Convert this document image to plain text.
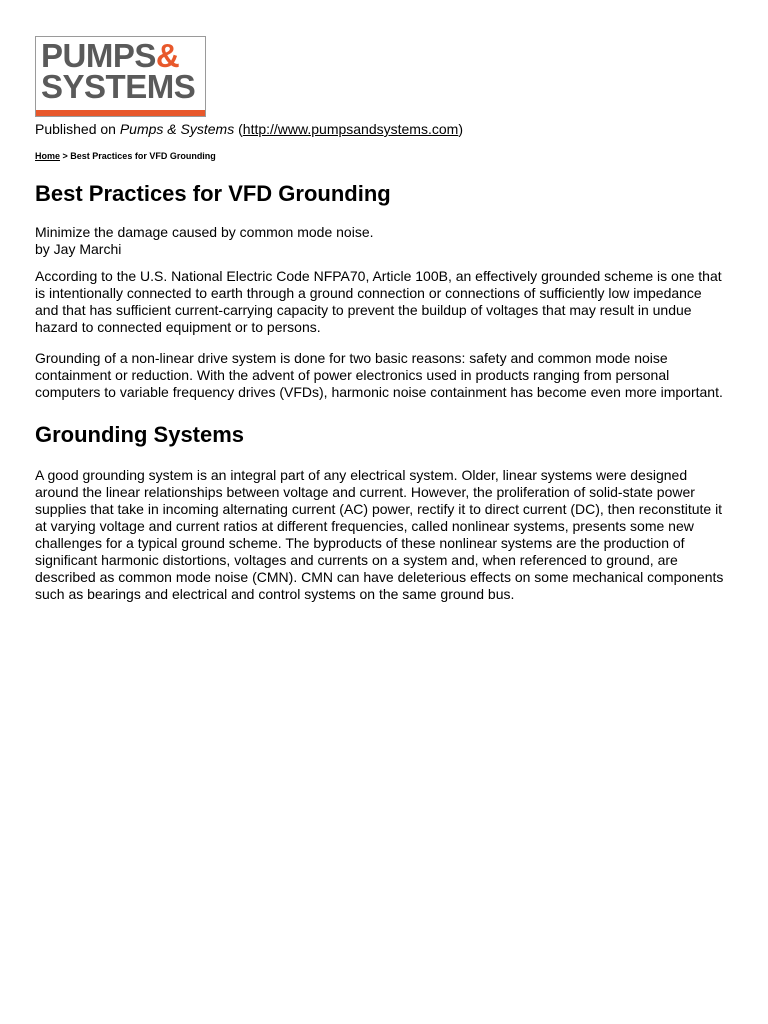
PUMPS&
SYSTEMS
Published on Pumps & Systems (http://www.pumpsandsystems.com)
Home > Best Practices for VFD Grounding
Best Practices for VFD Grounding
Minimize the damage caused by common mode noise.
by Jay Marchi

According to the U.S. National Electric Code NFPA70, Article 100B, an effectively grounded scheme is one that is intentionally connected to earth through a ground connection or connections of sufficiently low impedance and that has sufficient current-carrying capacity to prevent the buildup of voltages that may result in undue hazard to connected equipment or to persons.

Grounding of a non-linear drive system is done for two basic reasons: safety and common mode noise containment or reduction. With the advent of power electronics used in products ranging from personal computers to variable frequency drives (VFDs), harmonic noise containment has become even more important.

Grounding Systems

A good grounding system is an integral part of any electrical system. Older, linear systems were designed around the linear relationships between voltage and current. However, the proliferation of solid-state power supplies that take in incoming alternating current (AC) power, rectify it to direct current (DC), then reconstitute it at varying voltage and current ratios at different frequencies, called nonlinear systems, presents some new challenges for a typical ground scheme. The byproducts of these nonlinear systems are the production of significant harmonic distortions, voltages and currents on a system and, when referenced to ground, are described as common mode noise (CMN). CMN can have deleterious effects on some mechanical components such as bearings and electrical and control systems on the same ground bus.
